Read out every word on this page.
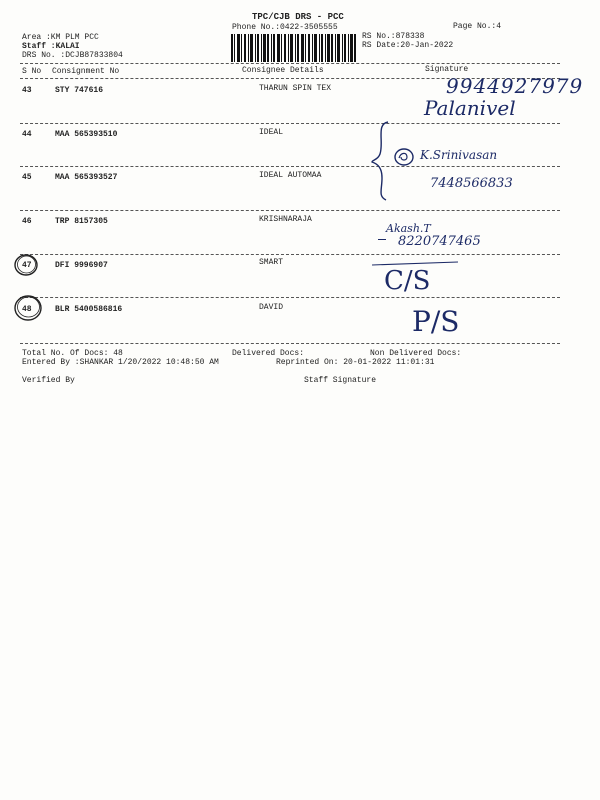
TPC/CJB DRS - PCC
Phone No.:0422-3505555	Page No.:4
Area :KM PLM PCC
Staff :KALAI
DRS No. :DCJB87833804
RS No.:878338
RS Date:20-Jan-2022
S No Consignment No	Consignee Details	Signature
43	STY 747616	THARUN SPIN TEX
44	MAA 565393510	IDEAL
45	MAA 565393527	IDEAL AUTOMAA
46	TRP 8157305	KRISHNARAJA
47	DFI 9996907	SMART
48	BLR 5400586816	DAVID
9944927979
Palanivel
K.Srinivasan
7448566833
Akash.T
8220747465
C/S
P/S
Total No. Of Docs: 48	Delivered Docs:	Non Delivered Docs:
Entered By :SHANKAR 1/20/2022 10:48:50 AM	Reprinted On: 20-01-2022 11:01:31
Verified By	Staff Signature
